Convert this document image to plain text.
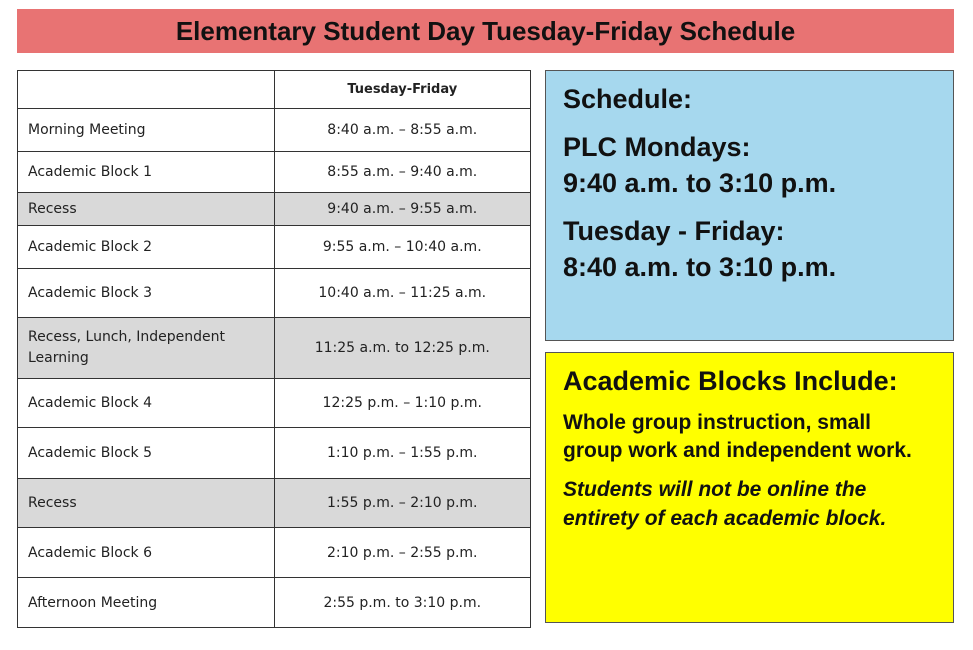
Elementary Student Day Tuesday-Friday Schedule
	Tuesday-Friday
Morning Meeting	8:40 a.m. – 8:55 a.m.
Academic Block 1	8:55 a.m. – 9:40 a.m.
Recess	9:40 a.m. – 9:55 a.m.
Academic Block 2	9:55 a.m. – 10:40 a.m.
Academic Block 3	10:40 a.m. – 11:25 a.m.
Recess, Lunch, Independent Learning	11:25 a.m. to 12:25 p.m.
Academic Block 4	12:25 p.m. – 1:10 p.m.
Academic Block 5	1:10 p.m. – 1:55 p.m.
Recess	1:55 p.m. – 2:10 p.m.
Academic Block 6	2:10 p.m. – 2:55 p.m.
Afternoon Meeting	2:55 p.m. to 3:10 p.m.

Schedule:

PLC Mondays:
9:40 a.m. to 3:10 p.m.

Tuesday - Friday:
8:40 a.m. to 3:10 p.m.

Academic Blocks Include:

Whole group instruction, small group work and independent work.

Students will not be online the entirety of each academic block.
